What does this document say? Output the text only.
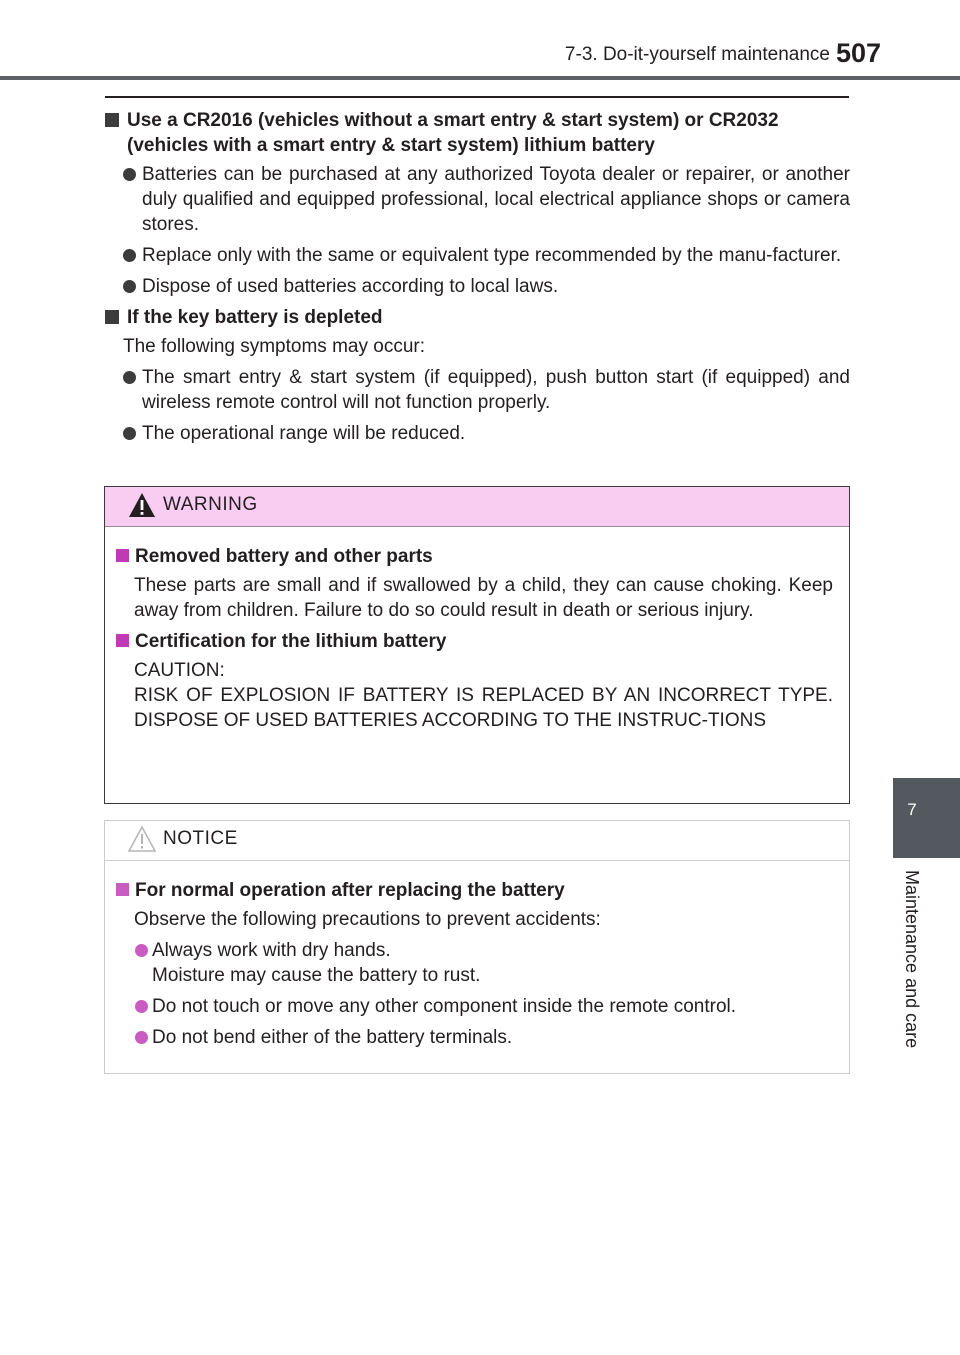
7-3. Do-it-yourself maintenance 507
7
Maintenance and care
Use a CR2016 (vehicles without a smart entry & start system) or CR2032 (vehicles with a smart entry & start system) lithium battery
Batteries can be purchased at any authorized Toyota dealer or repairer, or another duly qualified and equipped professional, local electrical appliance shops or camera stores.
Replace only with the same or equivalent type recommended by the manu-facturer.
Dispose of used batteries according to local laws.
If the key battery is depleted
The following symptoms may occur:
The smart entry & start system (if equipped), push button start (if equipped) and wireless remote control will not function properly.
The operational range will be reduced.
WARNING
Removed battery and other parts
These parts are small and if swallowed by a child, they can cause choking. Keep away from children. Failure to do so could result in death or serious injury.
Certification for the lithium battery
CAUTION:
RISK OF EXPLOSION IF BATTERY IS REPLACED BY AN INCORRECT TYPE. DISPOSE OF USED BATTERIES ACCORDING TO THE INSTRUC-TIONS
NOTICE
For normal operation after replacing the battery
Observe the following precautions to prevent accidents:
Always work with dry hands.
Moisture may cause the battery to rust.
Do not touch or move any other component inside the remote control.
Do not bend either of the battery terminals.
